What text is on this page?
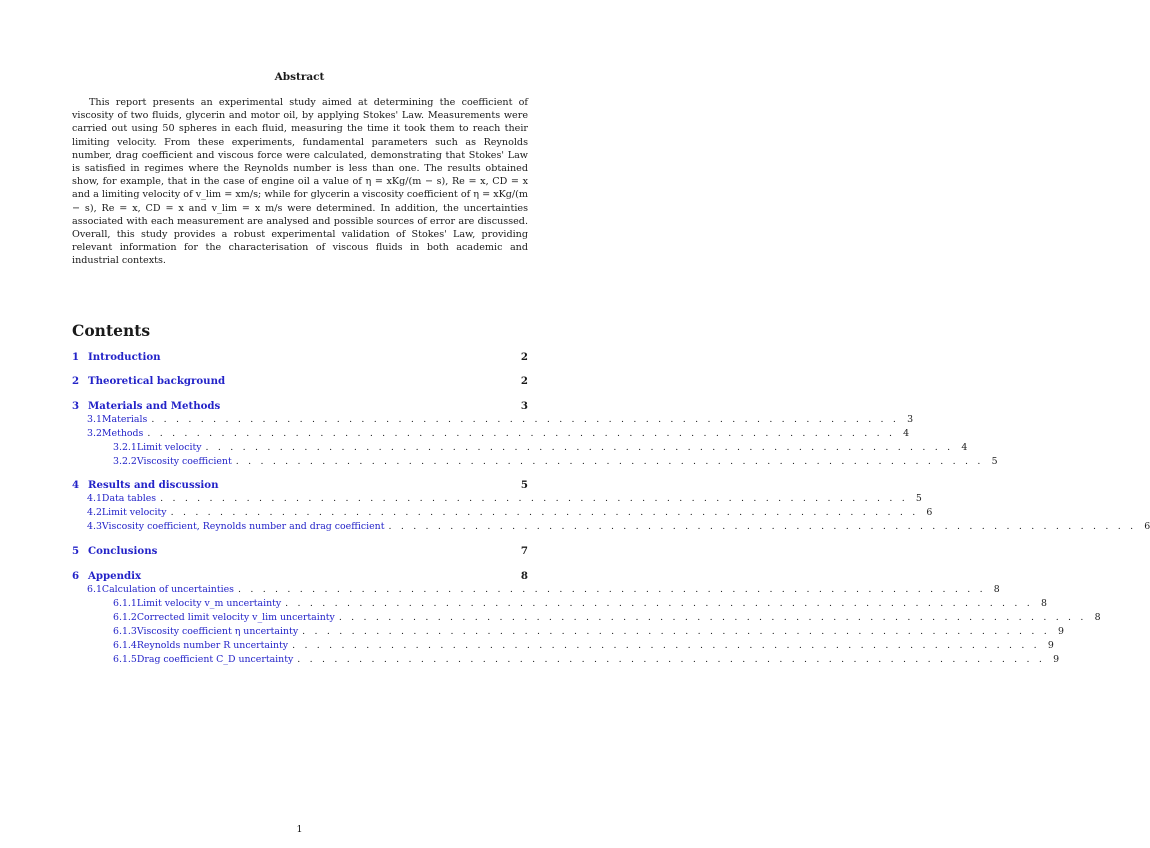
Abstract
This report presents an experimental study aimed at determining the coefficient of viscosity of two fluids, glycerin and motor oil, by applying Stokes' Law. Measurements were carried out using 50 spheres in each fluid, measuring the time it took them to reach their limiting velocity. From these experiments, fundamental parameters such as Reynolds number, drag coefficient and viscous force were calculated, demonstrating that Stokes' Law is satisfied in regimes where the Reynolds number is less than one. The results obtained show, for example, that in the case of engine oil a value of η = xKg/(m − s), Re = x, CD = x and a limiting velocity of v_lim = xm/s; while for glycerin a viscosity coefficient of η = xKg/(m − s), Re = x, CD = x and v_lim = x m/s were determined. In addition, the uncertainties associated with each measurement are analysed and possible sources of error are discussed. Overall, this study provides a robust experimental validation of Stokes' Law, providing relevant information for the characterisation of viscous fluids in both academic and industrial contexts.
Contents
1 Introduction	2
2 Theoretical background	2
3 Materials and Methods	3
3.1 Materials . . . . . . . . . . . . . . . . . . . . . . . . . . . . . . . . . . . . . . . . . . . . . . . . . . . . . . . . . . . . . 3
3.2 Methods . . . . . . . . . . . . . . . . . . . . . . . . . . . . . . . . . . . . . . . . . . . . . . . . . . . . . . . . . . . . . 4
3.2.1 Limit velocity . . . . . . . . . . . . . . . . . . . . . . . . . . . . . . . . . . . . . . . . . . . . . . . . . . . . . . . . . . . . . 4
3.2.2 Viscosity coefficient . . . . . . . . . . . . . . . . . . . . . . . . . . . . . . . . . . . . . . . . . . . . . . . . . . . . . . . . . . . . . 5
4 Results and discussion	5
4.1 Data tables . . . . . . . . . . . . . . . . . . . . . . . . . . . . . . . . . . . . . . . . . . . . . . . . . . . . . . . . . . . . . 5
4.2 Limit velocity . . . . . . . . . . . . . . . . . . . . . . . . . . . . . . . . . . . . . . . . . . . . . . . . . . . . . . . . . . . . . 6
4.3 Viscosity coefficient, Reynolds number and drag coefficient . . . . . . . . . . . . . . . . . . . . . . . . . . . . . . . . . . . . . . . . . . . . . . . . . . . . . . . . . . . . . 6
5 Conclusions	7
6 Appendix	8
6.1 Calculation of uncertainties . . . . . . . . . . . . . . . . . . . . . . . . . . . . . . . . . . . . . . . . . . . . . . . . . . . . . . . . . . . . . 8
6.1.1 Limit velocity v_m uncertainty . . . . . . . . . . . . . . . . . . . . . . . . . . . . . . . . . . . . . . . . . . . . . . . . . . . . . . . . . . . . . 8
6.1.2 Corrected limit velocity v_lim uncertainty . . . . . . . . . . . . . . . . . . . . . . . . . . . . . . . . . . . . . . . . . . . . . . . . . . . . . . . . . . . . . 8
6.1.3 Viscosity coefficient η uncertainty . . . . . . . . . . . . . . . . . . . . . . . . . . . . . . . . . . . . . . . . . . . . . . . . . . . . . . . . . . . . . 9
6.1.4 Reynolds number R uncertainty . . . . . . . . . . . . . . . . . . . . . . . . . . . . . . . . . . . . . . . . . . . . . . . . . . . . . . . . . . . . . 9
6.1.5 Drag coefficient C_D uncertainty . . . . . . . . . . . . . . . . . . . . . . . . . . . . . . . . . . . . . . . . . . . . . . . . . . . . . . . . . . . . . 9
1
